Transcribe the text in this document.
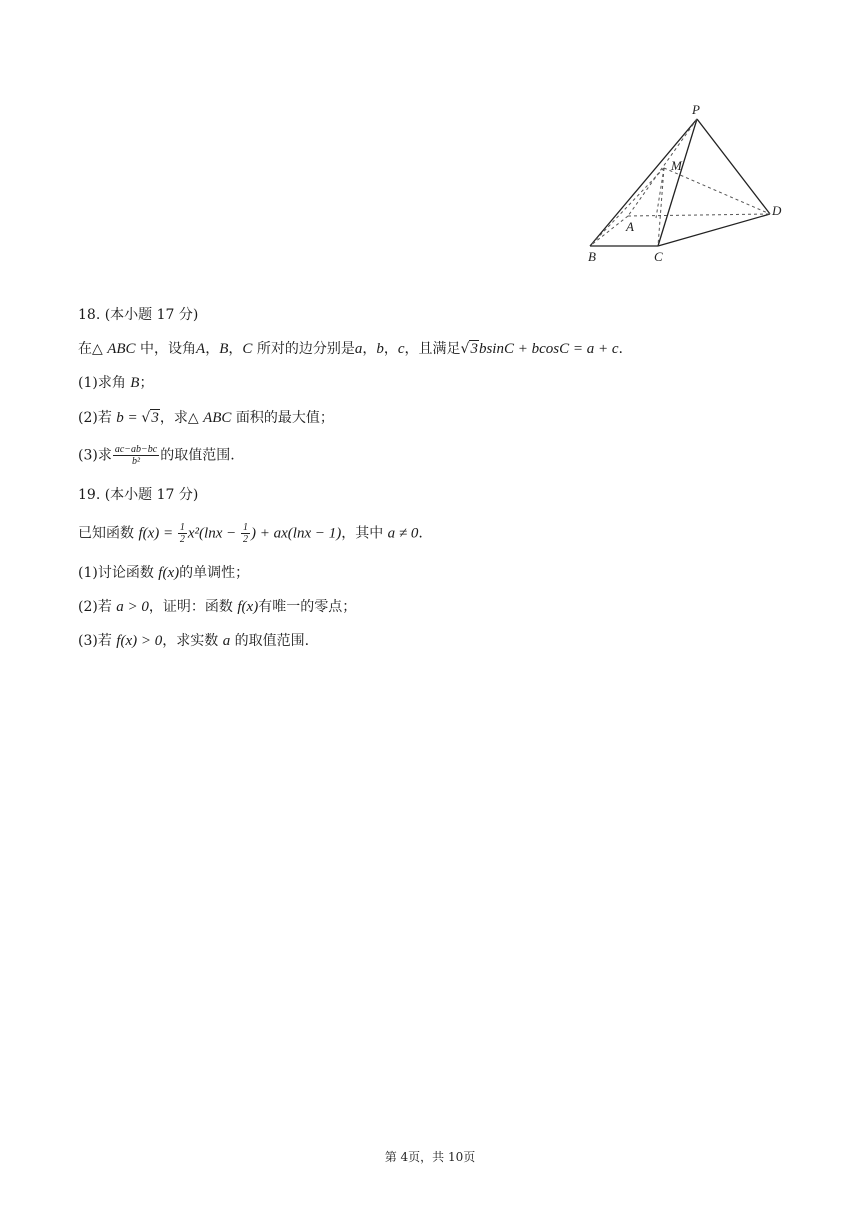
P
M
A
B	C
D
18. (本小题 17 分)
在△ ABC 中，设角A，B，C 所对的边分别是a，b，c，且满足√3bsinC + bcosC = a + c.
(1)求角 B；
(2)若 b = √3，求△ ABC 面积的最大值；
(3)求 $\frac{ac-ab-bc}{\text{b²}}$ 的取值范围.
19. (本小题 17 分)
已知函数 $f(x) = \frac{1}{2} x^2(\ln x - \frac{1}{2}$ ) + ax(lnx − 1)，其中 a ≠ 0.
(1)讨论函数 f(x)的单调性；
(2)若 a > 0，证明：函数 f(x)有唯一的零点；
(3)若 f(x) > 0，求实数 a 的取值范围.
第 4页，共 10页
